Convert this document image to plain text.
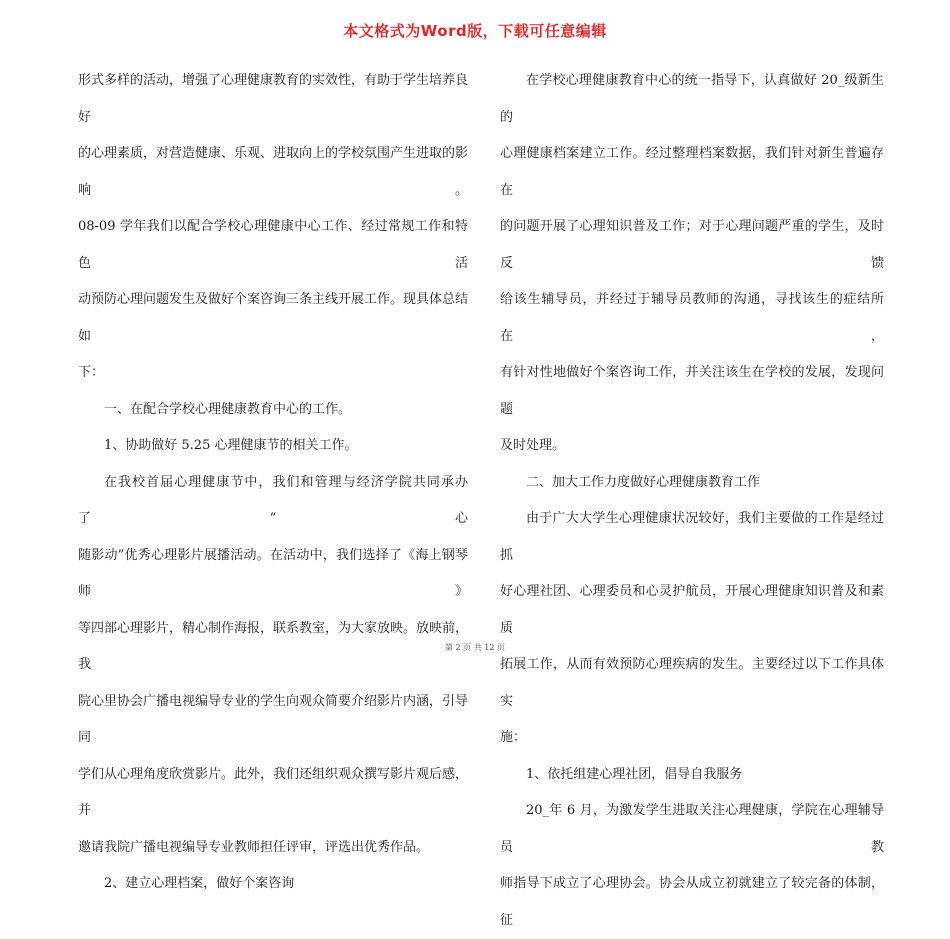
本文格式为Word版，下载可任意编辑

形式多样的活动，增强了心理健康教育的实效性，有助于学生培养良好

的心理素质，对营造健康、乐观、进取向上的学校氛围产生进取的影响。

08-09 学年我们以配合学校心理健康中心工作、经过常规工作和特色活

动预防心理问题发生及做好个案咨询三条主线开展工作。现具体总结如

下：

一、在配合学校心理健康教育中心的工作。

1、协助做好 5.25 心理健康节的相关工作。

在我校首届心理健康节中，我们和管理与经济学院共同承办了“心

随影动”优秀心理影片展播活动。在活动中，我们选择了《海上钢琴师》

等四部心理影片，精心制作海报，联系教室，为大家放映。放映前，我

院心里协会广播电视编导专业的学生向观众简要介绍影片内涵，引导同

学们从心理角度欣赏影片。此外，我们还组织观众撰写影片观后感，并

邀请我院广播电视编导专业教师担任评审，评选出优秀作品。

2、建立心理档案，做好个案咨询

在学校心理健康教育中心的统一指导下，认真做好 20_级新生的

心理健康档案建立工作。经过整理档案数据，我们针对新生普遍存在

的问题开展了心理知识普及工作；对于心理问题严重的学生，及时反馈

给该生辅导员，并经过于辅导员教师的沟通，寻找该生的症结所在，

有针对性地做好个案咨询工作，并关注该生在学校的发展，发现问题

及时处理。

二、加大工作力度做好心理健康教育工作

由于广大大学生心理健康状况较好，我们主要做的工作是经过抓

好心理社团、心理委员和心灵护航员，开展心理健康知识普及和素质

拓展工作，从而有效预防心理疾病的发生。主要经过以下工作具体实

施：

1、依托组建心理社团，倡导自我服务

20_年 6 月，为激发学生进取关注心理健康，学院在心理辅导员教

师指导下成立了心理协会。协会从成立初就建立了较完备的体制，征

第 2 页 共 12 页
